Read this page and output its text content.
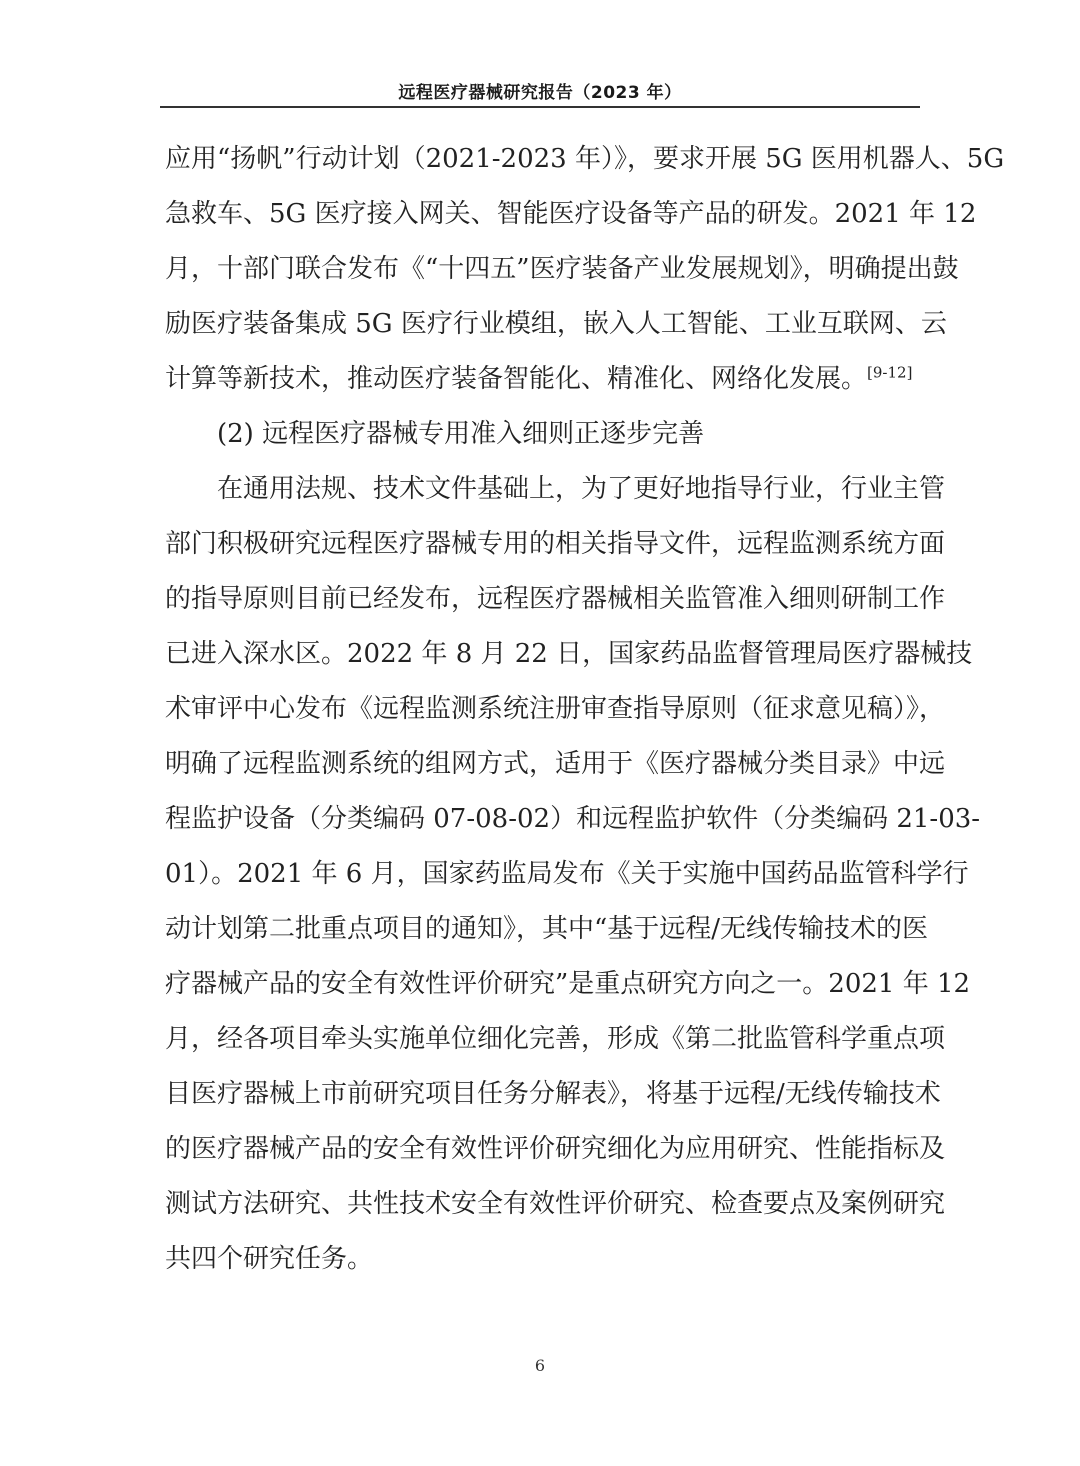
远程医疗器械研究报告（2023 年）
应用“扬帆”行动计划（2021-2023 年）》，要求开展 5G 医用机器人、5G
急救车、5G 医疗接入网关、智能医疗设备等产品的研发。2021 年 12
月，十部门联合发布《“十四五”医疗装备产业发展规划》，明确提出鼓
励医疗装备集成 5G 医疗行业模组，嵌入人工智能、工业互联网、云
计算等新技术，推动医疗装备智能化、精准化、网络化发展。[9-12]
(2) 远程医疗器械专用准入细则正逐步完善
在通用法规、技术文件基础上，为了更好地指导行业，行业主管
部门积极研究远程医疗器械专用的相关指导文件，远程监测系统方面
的指导原则目前已经发布，远程医疗器械相关监管准入细则研制工作
已进入深水区。2022 年 8 月 22 日，国家药品监督管理局医疗器械技
术审评中心发布《远程监测系统注册审查指导原则（征求意见稿）》，
明确了远程监测系统的组网方式，适用于《医疗器械分类目录》中远
程监护设备（分类编码 07-08-02）和远程监护软件（分类编码 21-03-
01）。2021 年 6 月，国家药监局发布《关于实施中国药品监管科学行
动计划第二批重点项目的通知》，其中“基于远程/无线传输技术的医
疗器械产品的安全有效性评价研究”是重点研究方向之一。2021 年 12
月，经各项目牵头实施单位细化完善，形成《第二批监管科学重点项
目医疗器械上市前研究项目任务分解表》，将基于远程/无线传输技术
的医疗器械产品的安全有效性评价研究细化为应用研究、性能指标及
测试方法研究、共性技术安全有效性评价研究、检查要点及案例研究
共四个研究任务。
6
